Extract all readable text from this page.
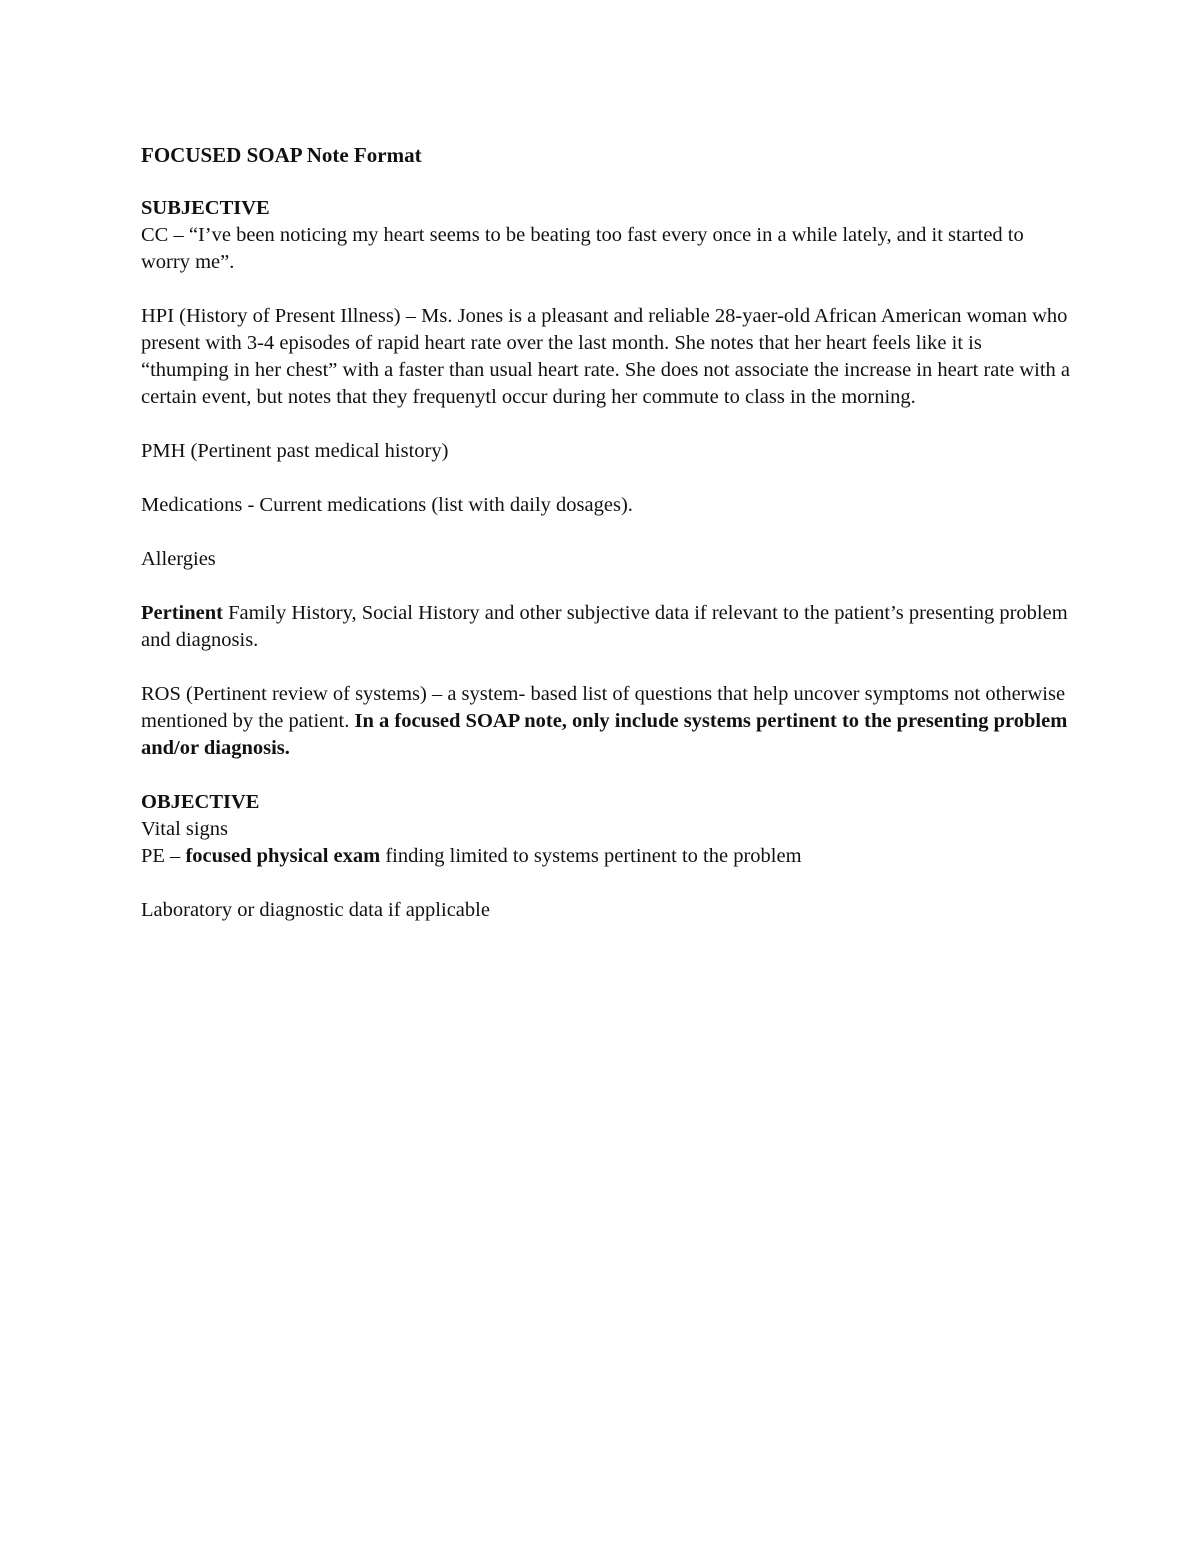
FOCUSED SOAP Note Format

SUBJECTIVE

CC – “I’ve been noticing my heart seems to be beating too fast every once in a while lately, and it started to worry me”.

HPI (History of Present Illness) – Ms. Jones is a pleasant and reliable 28-yaer-old African American woman who present with 3-4 episodes of rapid heart rate over the last month. She notes that her heart feels like it is “thumping in her chest” with a faster than usual heart rate. She does not associate the increase in heart rate with a certain event, but notes that they frequenytl occur during her commute to class in the morning.

PMH (Pertinent past medical history)

Medications - Current medications (list with daily dosages).

Allergies

Pertinent Family History, Social History and other subjective data if relevant to the patient’s presenting problem and diagnosis.

ROS (Pertinent review of systems) – a system- based list of questions that help uncover symptoms not otherwise mentioned by the patient. In a focused SOAP note, only include systems pertinent to the presenting problem and/or diagnosis.

OBJECTIVE

Vital signs

PE – focused physical exam finding limited to systems pertinent to the problem

Laboratory or diagnostic data if applicable
